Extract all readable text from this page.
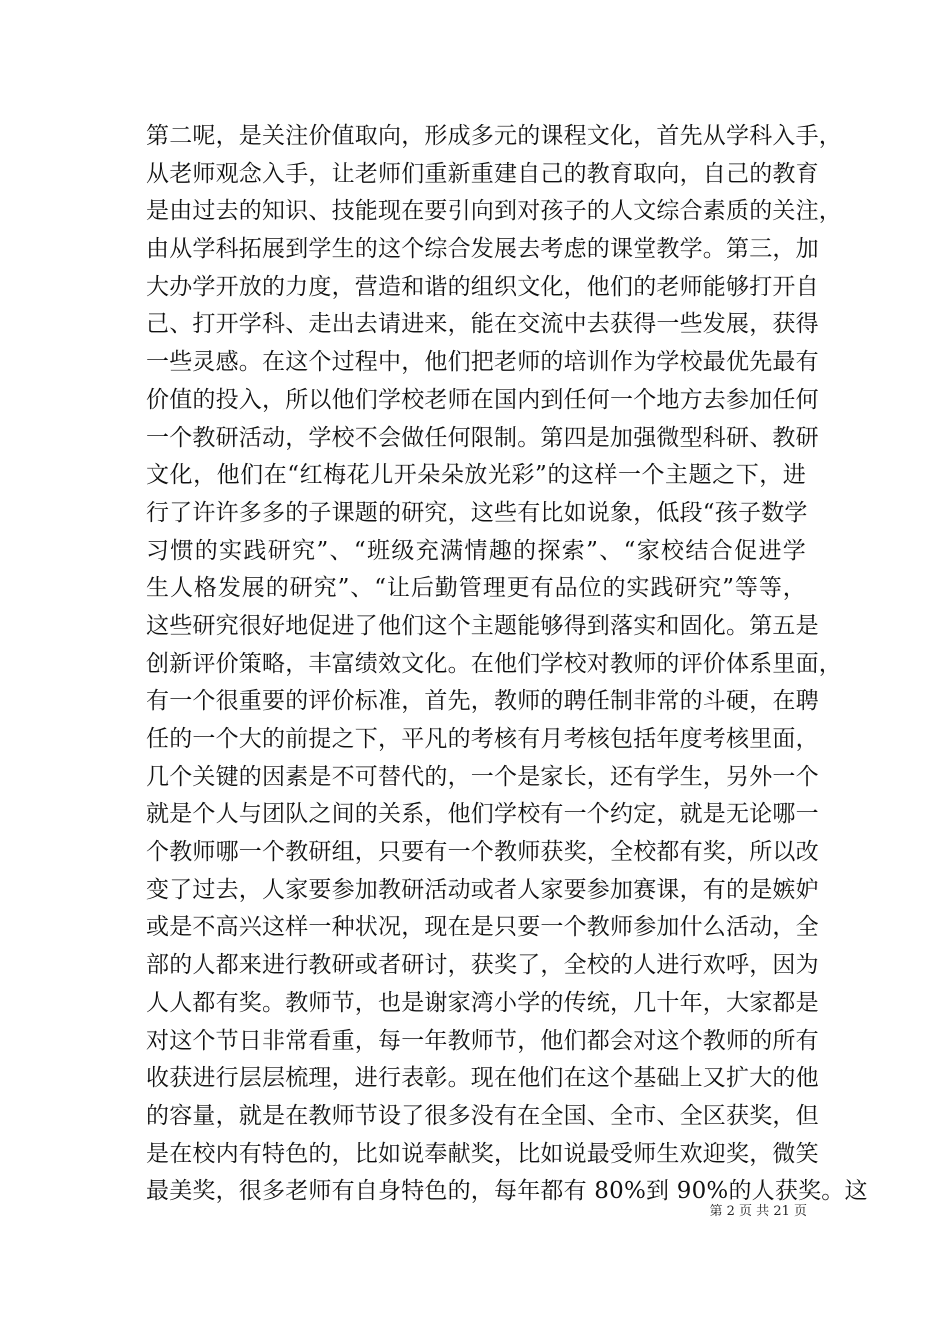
第二呢，是关注价值取向，形成多元的课程文化，首先从学科入手，
从老师观念入手，让老师们重新重建自己的教育取向，自己的教育
是由过去的知识、技能现在要引向到对孩子的人文综合素质的关注，
由从学科拓展到学生的这个综合发展去考虑的课堂教学。第三，加
大办学开放的力度，营造和谐的组织文化，他们的老师能够打开自
己、打开学科、走出去请进来，能在交流中去获得一些发展，获得
一些灵感。在这个过程中，他们把老师的培训作为学校最优先最有
价值的投入，所以他们学校老师在国内到任何一个地方去参加任何
一个教研活动，学校不会做任何限制。第四是加强微型科研、教研
文化，他们在“红梅花儿开朵朵放光彩”的这样一个主题之下，进
行了许许多多的子课题的研究，这些有比如说象，低段“孩子数学
习惯的实践研究”、“班级充满情趣的探索”、“家校结合促进学
生人格发展的研究”、“让后勤管理更有品位的实践研究”等等，
这些研究很好地促进了他们这个主题能够得到落实和固化。第五是
创新评价策略，丰富绩效文化。在他们学校对教师的评价体系里面，
有一个很重要的评价标准，首先，教师的聘任制非常的斗硬，在聘
任的一个大的前提之下，平凡的考核有月考核包括年度考核里面，
几个关键的因素是不可替代的，一个是家长，还有学生，另外一个
就是个人与团队之间的关系，他们学校有一个约定，就是无论哪一
个教师哪一个教研组，只要有一个教师获奖，全校都有奖，所以改
变了过去，人家要参加教研活动或者人家要参加赛课，有的是嫉妒
或是不高兴这样一种状况，现在是只要一个教师参加什么活动，全
部的人都来进行教研或者研讨，获奖了，全校的人进行欢呼，因为
人人都有奖。教师节，也是谢家湾小学的传统，几十年，大家都是
对这个节日非常看重，每一年教师节，他们都会对这个教师的所有
收获进行层层梳理，进行表彰。现在他们在这个基础上又扩大的他
的容量，就是在教师节设了很多没有在全国、全市、全区获奖，但
是在校内有特色的，比如说奉献奖，比如说最受师生欢迎奖，微笑
最美奖，很多老师有自身特色的，每年都有 80%到 90%的人获奖。这
第 2 页 共 21 页
